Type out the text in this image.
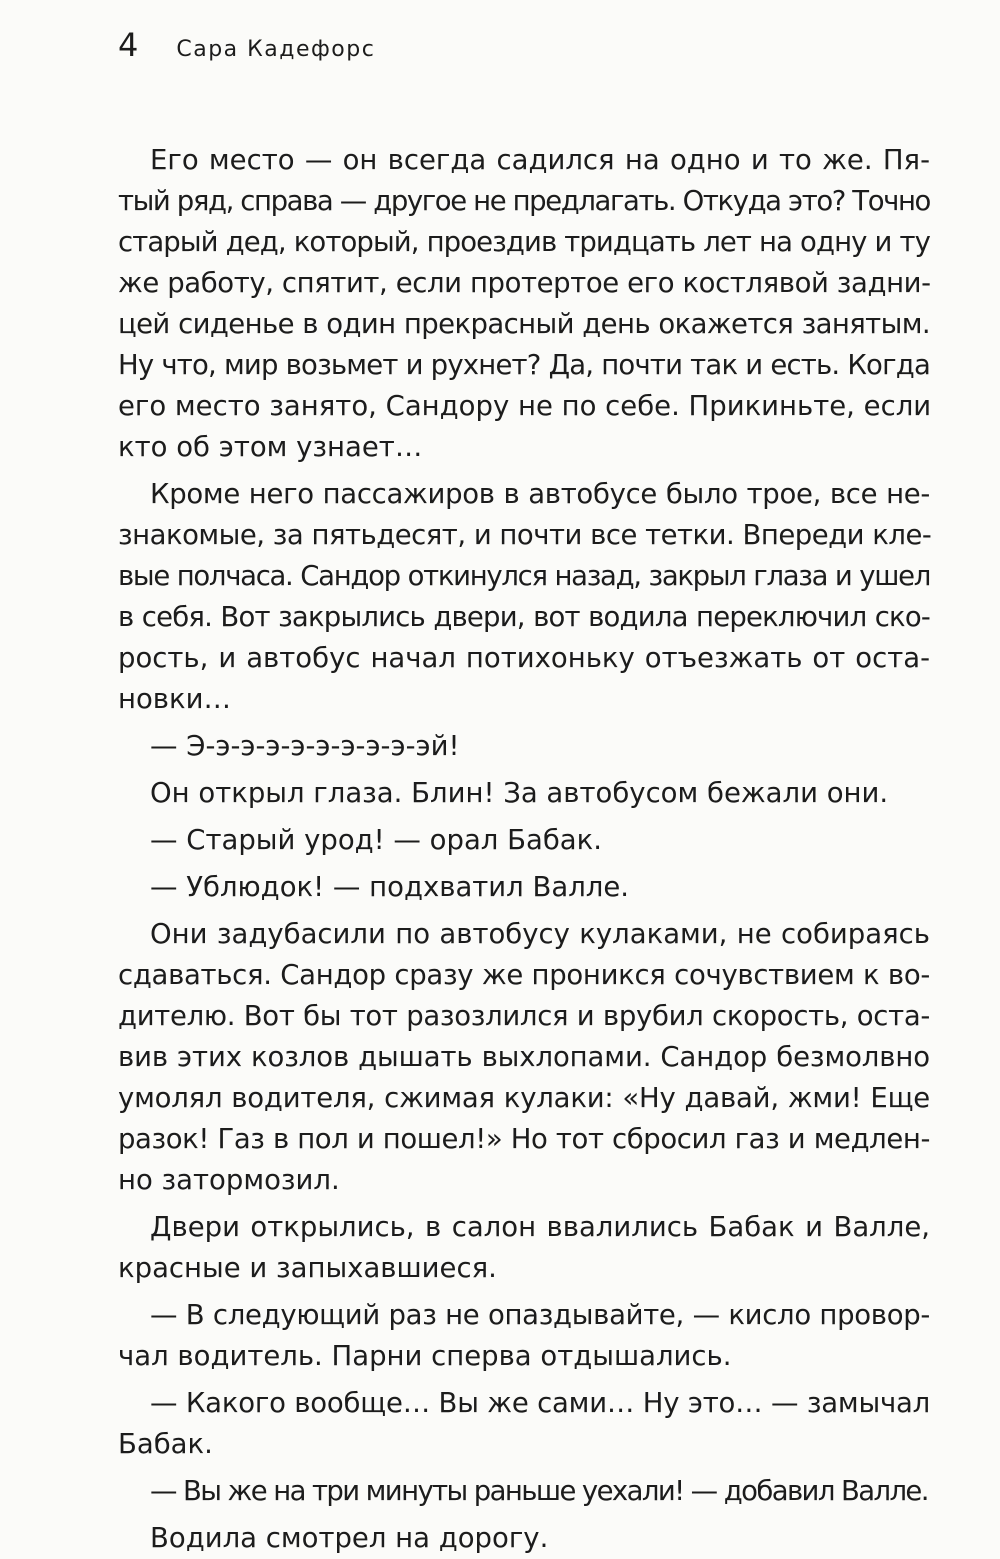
4 Сара Кадефорс
Его место — он всегда садился на одно и то же. Пя-
тый ряд, справа — другое не предлагать. Откуда это? Точно
старый дед, который, проездив тридцать лет на одну и ту
же работу, спятит, если протертое его костлявой задни-
цей сиденье в один прекрасный день окажется занятым.
Ну что, мир возьмет и рухнет? Да, почти так и есть. Когда
его место занято, Сандору не по себе. Прикиньте, если
кто об этом узнает…
Кроме него пассажиров в автобусе было трое, все не-
знакомые, за пятьдесят, и почти все тетки. Впереди кле-
вые полчаса. Сандор откинулся назад, закрыл глаза и ушел
в себя. Вот закрылись двери, вот водила переключил ско-
рость, и автобус начал потихоньку отъезжать от оста-
новки…
— Э-э-э-э-э-э-э-э-э-эй!
Он открыл глаза. Блин! За автобусом бежали они.
— Старый урод! — орал Бабак.
— Ублюдок! — подхватил Валле.
Они задубасили по автобусу кулаками, не собираясь
сдаваться. Сандор сразу же проникся сочувствием к во-
дителю. Вот бы тот разозлился и врубил скорость, оста-
вив этих козлов дышать выхлопами. Сандор безмолвно
умолял водителя, сжимая кулаки: «Ну давай, жми! Еще
разок! Газ в пол и пошел!» Но тот сбросил газ и медлен-
но затормозил.
Двери открылись, в салон ввалились Бабак и Валле,
красные и запыхавшиеся.
— В следующий раз не опаздывайте, — кисло провор-
чал водитель. Парни сперва отдышались.
— Какого вообще… Вы же сами… Ну это… — замычал
Бабак.
— Вы же на три минуты раньше уехали! — добавил Валле.
Водила смотрел на дорогу.
